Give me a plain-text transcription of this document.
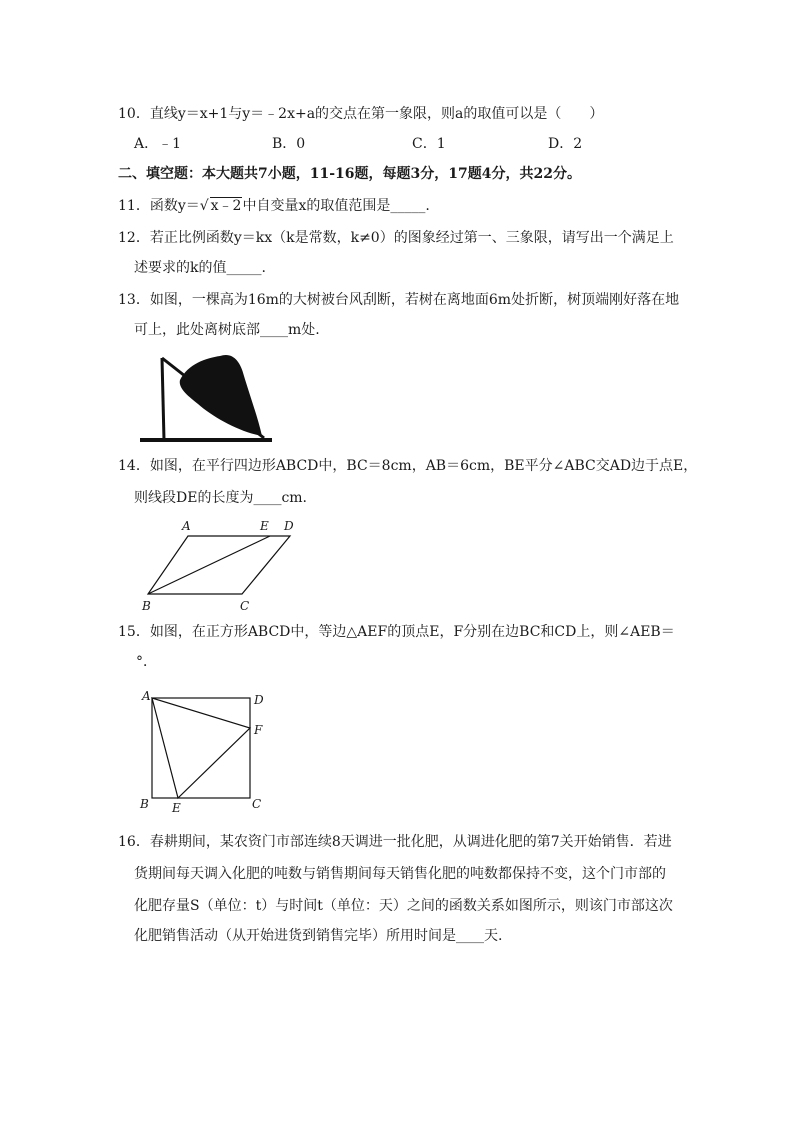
10．直线y＝x+1与y＝﹣2x+a的交点在第一象限，则a的取值可以是（　　）
A．﹣1	B．0	C．1	D．2
二、填空题：本大题共7小题，11-16题，每题3分，17题4分，共22分。
11．函数y＝√ x﹣2中自变量x的取值范围是_____.
12．若正比例函数y＝kx（k是常数，k≠0）的图象经过第一、三象限，请写出一个满足上
述要求的k的值_____.
13．如图，一棵高为16m的大树被台风刮断，若树在离地面6m处折断，树顶端刚好落在地
可上，此处离树底部____m处.
14．如图，在平行四边形ABCD中，BC＝8cm，AB＝6cm，BE平分∠ABC交AD边于点E，
则线段DE的长度为____cm.
A	E D
B	C
15．如图，在正方形ABCD中，等边△AEF的顶点E，F分别在边BC和CD上，则∠AEB＝
°．
A	D
F
B E	C
16．春耕期间，某农资门市部连续8天调进一批化肥，从调进化肥的第7关开始销售．若进
货期间每天调入化肥的吨数与销售期间每天销售化肥的吨数都保持不变，这个门市部的
化肥存量S（单位：t）与时间t（单位：天）之间的函数关系如图所示，则该门市部这次
化肥销售活动（从开始进货到销售完毕）所用时间是____天.
